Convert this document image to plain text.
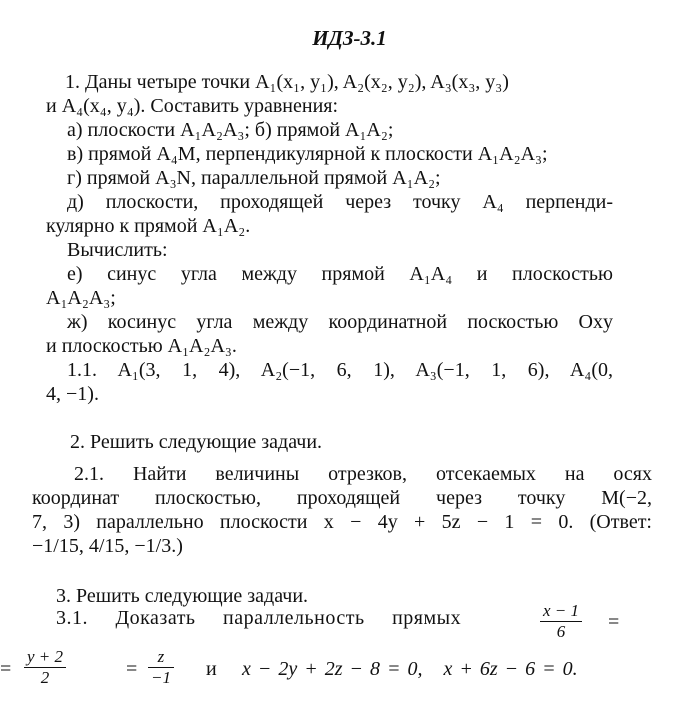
ИДЗ-3.1
1. Даны четыре точки A₁(x₁, y₁), A₂(x₂, y₂), A₃(x₃, y₃)
и A₄(x₄, y₄). Составить уравнения:
а) плоскости A₁A₂A₃; б) прямой A₁A₂;
в) прямой A₄M, перпендикулярной к плоскости A₁A₂A₃;
г) прямой A₃N, параллельной прямой A₁A₂;
д) плоскости, проходящей через точку A₄ перпенди-
кулярно к прямой A₁A₂.
Вычислить:
е) синус угла между прямой A₁A₄ и плоскостью
A₁A₂A₃;
ж) косинус угла между координатной поскостью Oxy
и плоскостью A₁A₂A₃.
1.1. A₁(3, 1, 4), A₂(−1, 6, 1), A₃(−1, 1, 6), A₄(0,
4, −1).
2. Решить следующие задачи.
2.1. Найти величины отрезков, отсекаемых на осях
координат плоскостью, проходящей через точку M(−2,
7, 3) параллельно плоскости x − 4y + 5z − 1 = 0. (Ответ:
−1/15, 4/15, −1/3.)
3. Решить следующие задачи.
3.1. Доказать параллельность прямых	$\frac{x - 1}{6}$ =
= $\frac{y + 2}{2}$	= $\frac{z}{-1}$ и x − 2y + 2z − 8 = 0,   x + 6z − 6 = 0.
